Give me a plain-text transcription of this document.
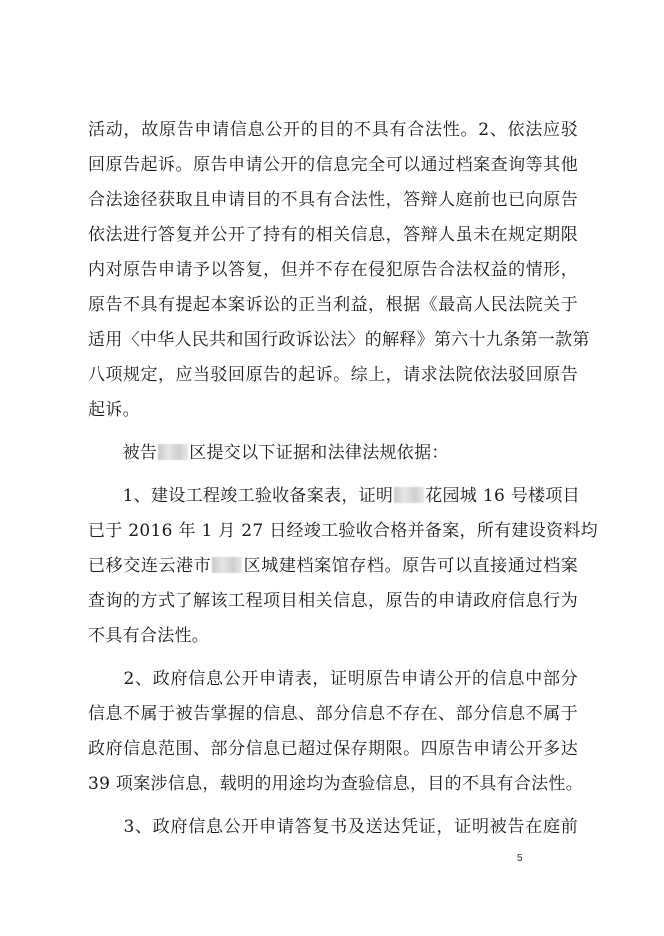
活动，故原告申请信息公开的目的不具有合法性。2、依法应驳
回原告起诉。原告申请公开的信息完全可以通过档案查询等其他
合法途径获取且申请目的不具有合法性，答辩人庭前也已向原告
依法进行答复并公开了持有的相关信息，答辩人虽未在规定期限
内对原告申请予以答复，但并不存在侵犯原告合法权益的情形，
原告不具有提起本案诉讼的正当利益，根据《最高人民法院关于
适用〈中华人民共和国行政诉讼法〉的解释》第六十九条第一款第
八项规定，应当驳回原告的起诉。综上，请求法院依法驳回原告
起诉。
　　被告 区提交以下证据和法律法规依据：
　　1、建设工程竣工验收备案表，证明 花园城 16 号楼项目
已于 2016 年 1 月 27 日经竣工验收合格并备案，所有建设资料均
已移交连云港市 区城建档案馆存档。原告可以直接通过档案
查询的方式了解该工程项目相关信息，原告的申请政府信息行为
不具有合法性。
　　2、政府信息公开申请表，证明原告申请公开的信息中部分
信息不属于被告掌握的信息、部分信息不存在、部分信息不属于
政府信息范围、部分信息已超过保存期限。四原告申请公开多达
39 项案涉信息，载明的用途均为查验信息，目的不具有合法性。
　　3、政府信息公开申请答复书及送达凭证，证明被告在庭前
5
